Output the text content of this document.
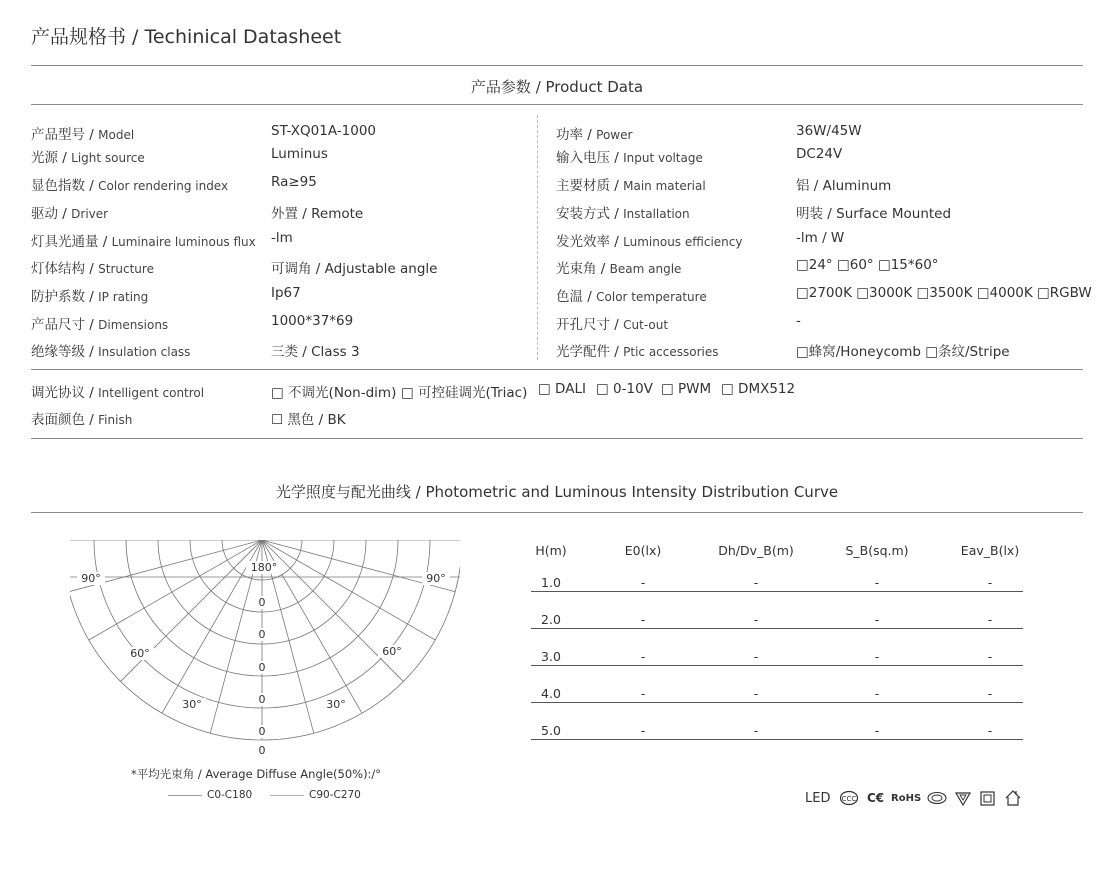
产品规格书 / Techinical Datasheet
产品参数 / Product Data
产品型号 / Model	ST-XQ01A-1000
光源 / Light source	Luminus
显色指数 / Color rendering index	Ra≥95
驱动 / Driver	外置 / Remote
灯具光通量 / Luminaire luminous flux -lm
灯体结构 / Structure	可调角 / Adjustable angle
防护系数 / IP rating	Ip67
产品尺寸 / Dimensions	1000*37*69
绝缘等级 / Insulation class	三类 / Class 3
功率 / Power	36W/45W
输入电压 / Input voltage	DC24V
主要材质 / Main material	铝 / Aluminum
安装方式 / Installation	明装 / Surface Mounted
发光效率 / Luminous efficiency	-lm / W
光束角 / Beam angle	□24° □60° □15*60°
色温 / Color temperature	□2700K □3000K □3500K □4000K □RGBW
开孔尺寸 / Cut-out	-
光学配件 / Ptic accessories	□蜂窝/Honeycomb □条纹/Stripe
调光协议 / Intelligent control	□ 不调光(Non-dim) □ 可控硅调光(Triac) □ DALI □ 0-10V □ PWM □ DMX512
表面颜色 / Finish	☐ 黑色 / BK
光学照度与配光曲线 / Photometric and Luminous Intensity Distribution Curve
180°
90°	90°
60°	60°
30°	30°
0
0
0
0
0
0
*平均光束角 / Average Diffuse Angle(50%):/°
C0-C180	C90-C270
H(m)	E0(lx)	Dh/Dv_B(m)	S_B(sq.m)	Eav_B(lx)
1.0	-	-	-	-
2.0	-	-	-	-
3.0	-	-	-	-
4.0	-	-	-	-
5.0	-	-	-	-
LED CCC C€ RoHS
